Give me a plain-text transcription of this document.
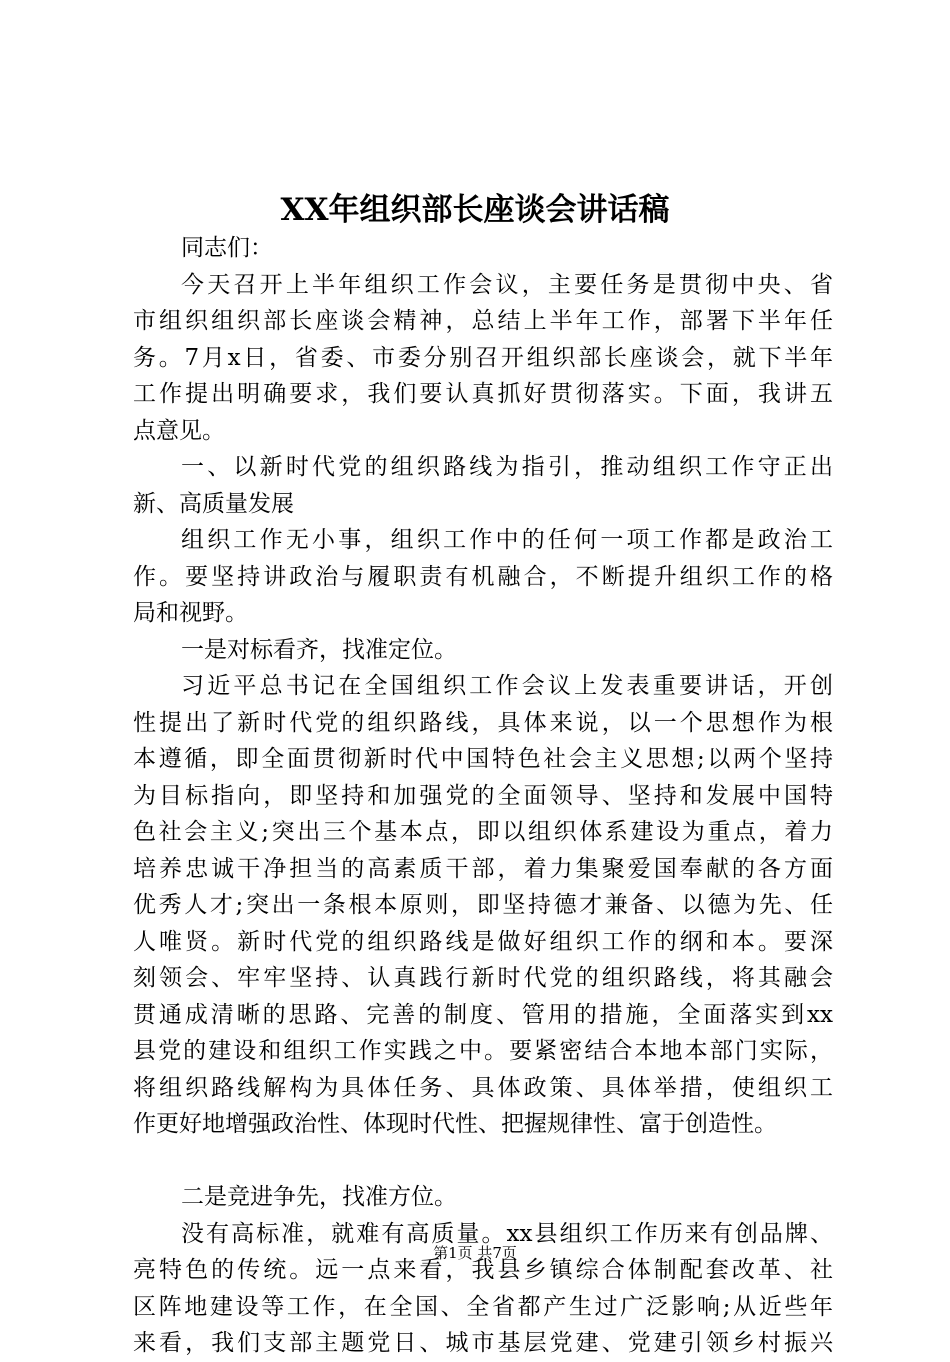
XX年组织部长座谈会讲话稿
同志们：
今天召开上半年组织工作会议，主要任务是贯彻中央、省
市组织组织部长座谈会精神，总结上半年工作，部署下半年任
务。7月x日，省委、市委分别召开组织部长座谈会，就下半年
工作提出明确要求，我们要认真抓好贯彻落实。下面，我讲五
点意见。
一、以新时代党的组织路线为指引，推动组织工作守正出
新、高质量发展
组织工作无小事，组织工作中的任何一项工作都是政治工
作。要坚持讲政治与履职责有机融合，不断提升组织工作的格
局和视野。
一是对标看齐，找准定位。
习近平总书记在全国组织工作会议上发表重要讲话，开创
性提出了新时代党的组织路线，具体来说，以一个思想作为根
本遵循，即全面贯彻新时代中国特色社会主义思想;以两个坚持
为目标指向，即坚持和加强党的全面领导、坚持和发展中国特
色社会主义;突出三个基本点，即以组织体系建设为重点，着力
培养忠诚干净担当的高素质干部，着力集聚爱国奉献的各方面
优秀人才;突出一条根本原则，即坚持德才兼备、以德为先、任
人唯贤。新时代党的组织路线是做好组织工作的纲和本。要深
刻领会、牢牢坚持、认真践行新时代党的组织路线，将其融会
贯通成清晰的思路、完善的制度、管用的措施，全面落实到xx
县党的建设和组织工作实践之中。要紧密结合本地本部门实际，
将组织路线解构为具体任务、具体政策、具体举措，使组织工
作更好地增强政治性、体现时代性、把握规律性、富于创造性。
二是竞进争先，找准方位。
没有高标准，就难有高质量。xx县组织工作历来有创品牌、
亮特色的传统。远一点来看，我县乡镇综合体制配套改革、社
区阵地建设等工作，在全国、全省都产生过广泛影响;从近些年
来看，我们支部主题党日、城市基层党建、党建引领乡村振兴
第1页 共7页
